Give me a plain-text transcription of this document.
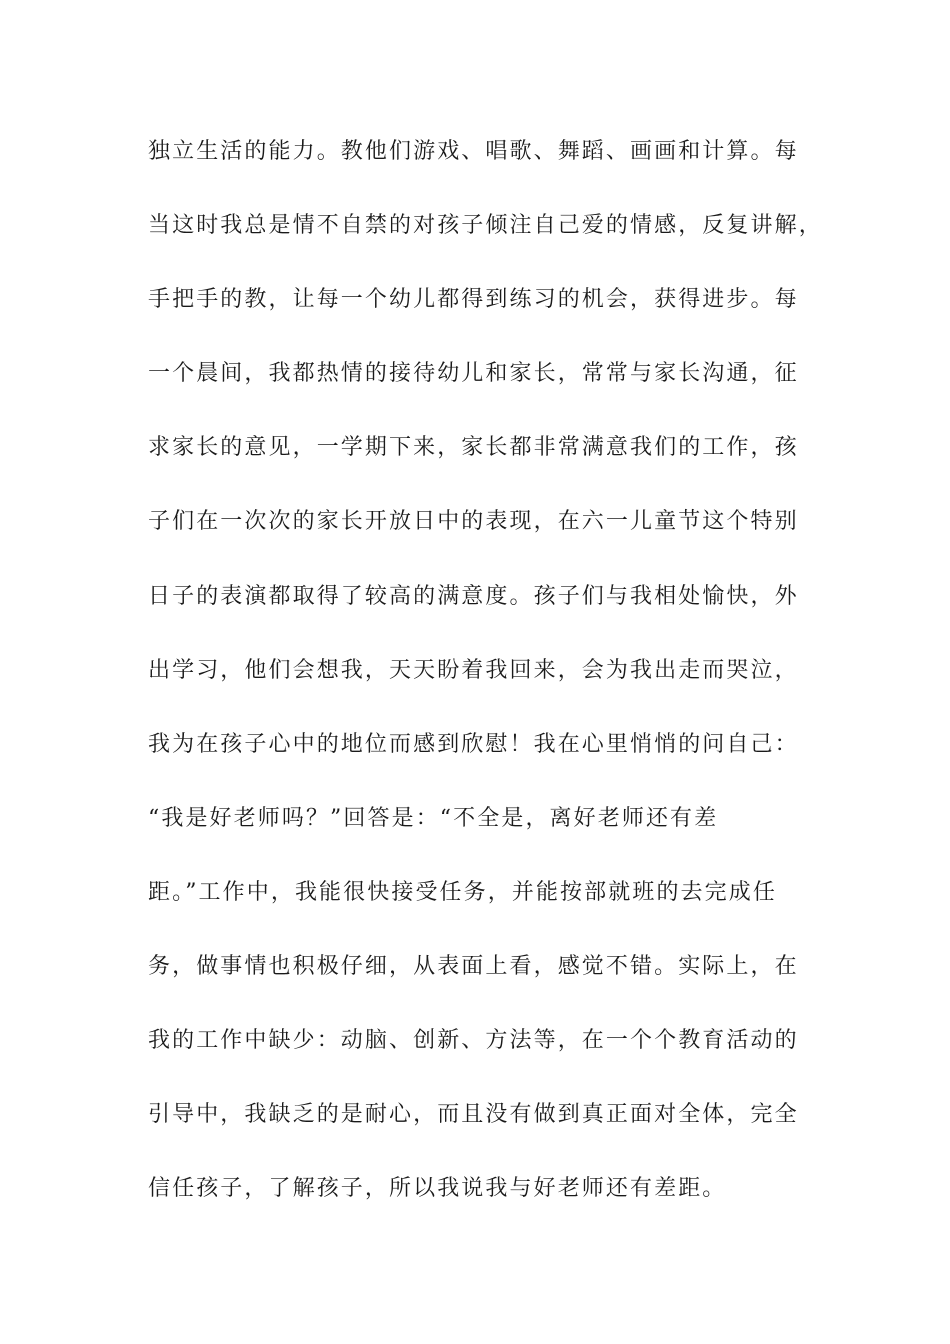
独立生活的能力。教他们游戏、唱歌、舞蹈、画画和计算。每
当这时我总是情不自禁的对孩子倾注自己爱的情感，反复讲解，
手把手的教，让每一个幼儿都得到练习的机会，获得进步。每
一个晨间，我都热情的接待幼儿和家长，常常与家长沟通，征
求家长的意见，一学期下来，家长都非常满意我们的工作，孩
子们在一次次的家长开放日中的表现，在六一儿童节这个特别
日子的表演都取得了较高的满意度。孩子们与我相处愉快，外
出学习，他们会想我，天天盼着我回来，会为我出走而哭泣，
我为在孩子心中的地位而感到欣慰！我在心里悄悄的问自己：
“我是好老师吗？”回答是：“不全是，离好老师还有差
距。”工作中，我能很快接受任务，并能按部就班的去完成任
务，做事情也积极仔细，从表面上看，感觉不错。实际上，在
我的工作中缺少：动脑、创新、方法等，在一个个教育活动的
引导中，我缺乏的是耐心，而且没有做到真正面对全体，完全
信任孩子，了解孩子，所以我说我与好老师还有差距。
